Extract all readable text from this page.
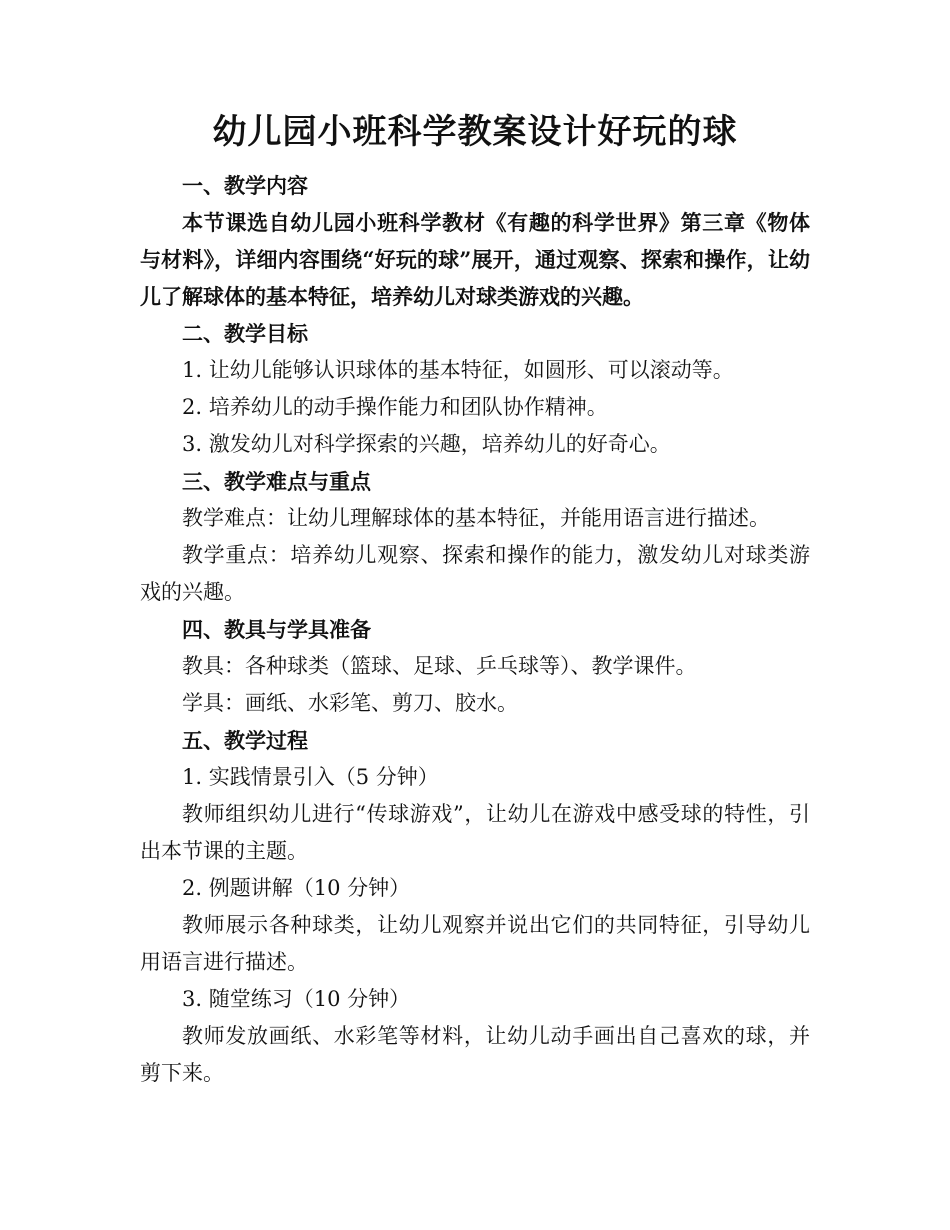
幼儿园小班科学教案设计好玩的球

一、教学内容

本节课选自幼儿园小班科学教材《有趣的科学世界》第三章《物体与材料》，详细内容围绕“好玩的球”展开，通过观察、探索和操作，让幼儿了解球体的基本特征，培养幼儿对球类游戏的兴趣。

二、教学目标

1. 让幼儿能够认识球体的基本特征，如圆形、可以滚动等。

2. 培养幼儿的动手操作能力和团队协作精神。

3. 激发幼儿对科学探索的兴趣，培养幼儿的好奇心。

三、教学难点与重点

教学难点：让幼儿理解球体的基本特征，并能用语言进行描述。

教学重点：培养幼儿观察、探索和操作的能力，激发幼儿对球类游戏的兴趣。

四、教具与学具准备

教具：各种球类（篮球、足球、乒乓球等）、教学课件。

学具：画纸、水彩笔、剪刀、胶水。

五、教学过程

1. 实践情景引入（5 分钟）

教师组织幼儿进行“传球游戏”，让幼儿在游戏中感受球的特性，引出本节课的主题。

2. 例题讲解（10 分钟）

教师展示各种球类，让幼儿观察并说出它们的共同特征，引导幼儿用语言进行描述。

3. 随堂练习（10 分钟）

教师发放画纸、水彩笔等材料，让幼儿动手画出自己喜欢的球，并剪下来。
